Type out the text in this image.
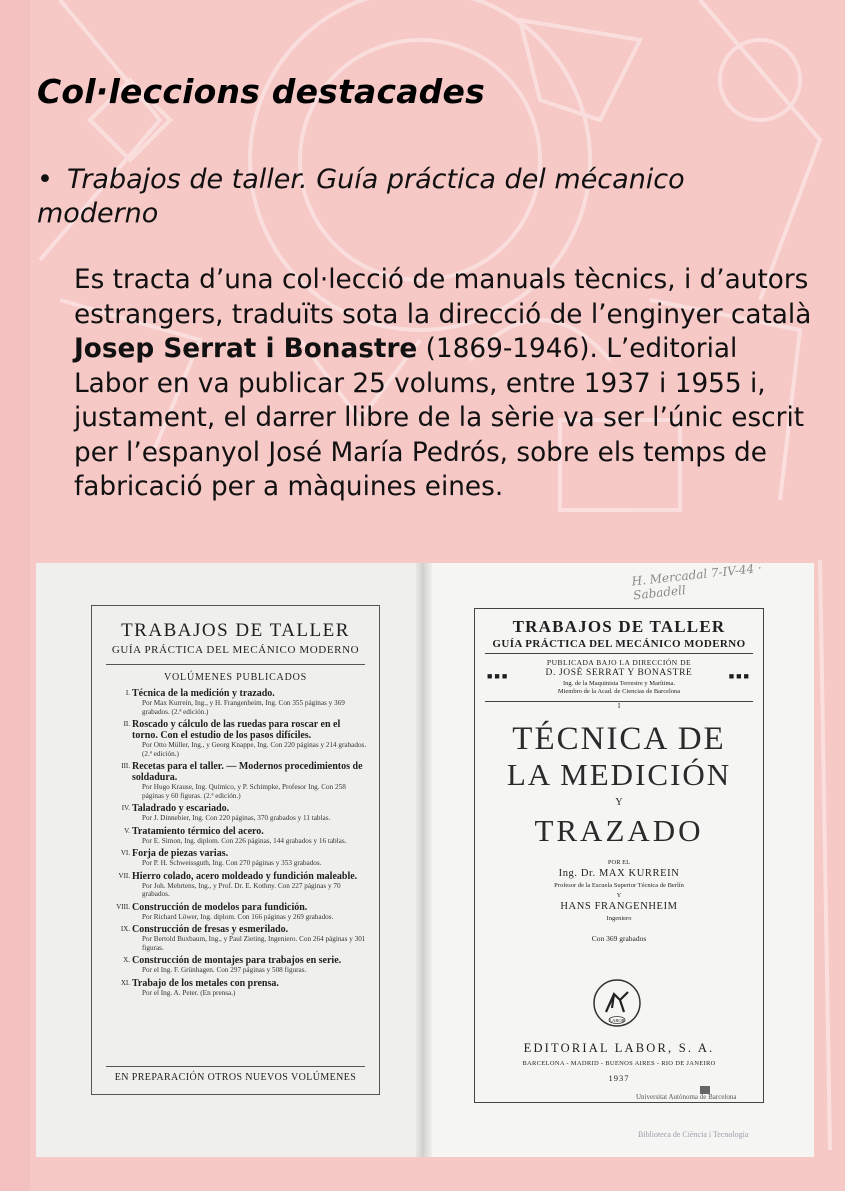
Col·leccions destacades
• Trabajos de taller. Guía práctica del mécanico moderno

Es tracta d’una col·lecció de manuals tècnics, i d’autors estrangers, traduïts sota la direcció de l’enginyer català Josep Serrat i Bonastre (1869-1946). L’editorial Labor en va publicar 25 volums, entre 1937 i 1955 i, justament, el darrer llibre de la sèrie va ser l’únic escrit per l’espanyol José María Pedrós, sobre els temps de fabricació per a màquines eines.

TRABAJOS DE TALLER
GUÍA PRÁCTICA DEL MECÁNICO MODERNO
VOLÚMENES PUBLICADOS
I. Técnica de la medición y trazado.
Por Max Kurrein, Ing., y H. Frangenheim, Ing. Con 355 páginas y 369 grabados. (2.ª edición.)
II. Roscado y cálculo de las ruedas para roscar en el torno. Con el estudio de los pasos difíciles.
Por Otto Müller, Ing., y Georg Knappe, Ing. Con 220 páginas y 214 grabados. (2.ª edición.)
III. Recetas para el taller. — Modernos procedimientos de soldadura.
Por Hugo Krause, Ing. Químico, y P. Schimpke, Profesor Ing. Con 258 páginas y 60 figuras. (2.ª edición.)
IV. Taladrado y escariado.
Por J. Dinnebier, Ing. Con 220 páginas, 370 grabados y 11 tablas.
V. Tratamiento térmico del acero.
Por E. Simon, Ing. diplom. Con 226 páginas, 144 grabados y 16 tablas.
VI. Forja de piezas varias.
Por P. H. Schweissguth, Ing. Con 270 páginas y 353 grabados.
VII. Hierro colado, acero moldeado y fundición maleable.
Por Joh. Mehrtens, Ing., y Prof. Dr. E. Kothny. Con 227 páginas y 70 grabados.
VIII. Construcción de modelos para fundición.
Por Richard Löwer, Ing. diplom. Con 166 páginas y 269 grabados.
IX. Construcción de fresas y esmerilado.
Por Bertold Buxbaum, Ing., y Paul Zieting, Ingeniero. Con 264 páginas y 301 figuras.
X. Construcción de montajes para trabajos en serie.
Por el Ing. F. Grünhagen. Con 297 páginas y 508 figuras.
XI. Trabajo de los metales con prensa.
Por el Ing. A. Peter. (En prensa.)
EN PREPARACIÓN OTROS NUEVOS VOLÚMENES
H. Mercadal 7-IV-44 · Sabadell
TRABAJOS DE TALLER
GUÍA PRÁCTICA DEL MECÁNICO MODERNO
■■■	■■■
PUBLICADA BAJO LA DIRECCIÓN DE
D. JOSÉ SERRAT Y BONASTRE
Ing. de la Maquinista Terrestre y Marítima.
Miembro de la Acad. de Ciencias de Barcelona
I
TÉCNICA DE
LA MEDICIÓN
Y
TRAZADO
POR EL
Ing. Dr. MAX KURREIN
Profesor de la Escuela Superior Técnica de Berlín
Y
HANS FRANGENHEIM
Ingeniero
Con 369 grabados
EDITORIAL LABOR, S. A.
BARCELONA - MADRID - BUENOS AIRES - RIO DE JANEIRO
1937
LABOR
Universitat Autònoma de Barcelona
Biblioteca de Ciència i Tecnologia
